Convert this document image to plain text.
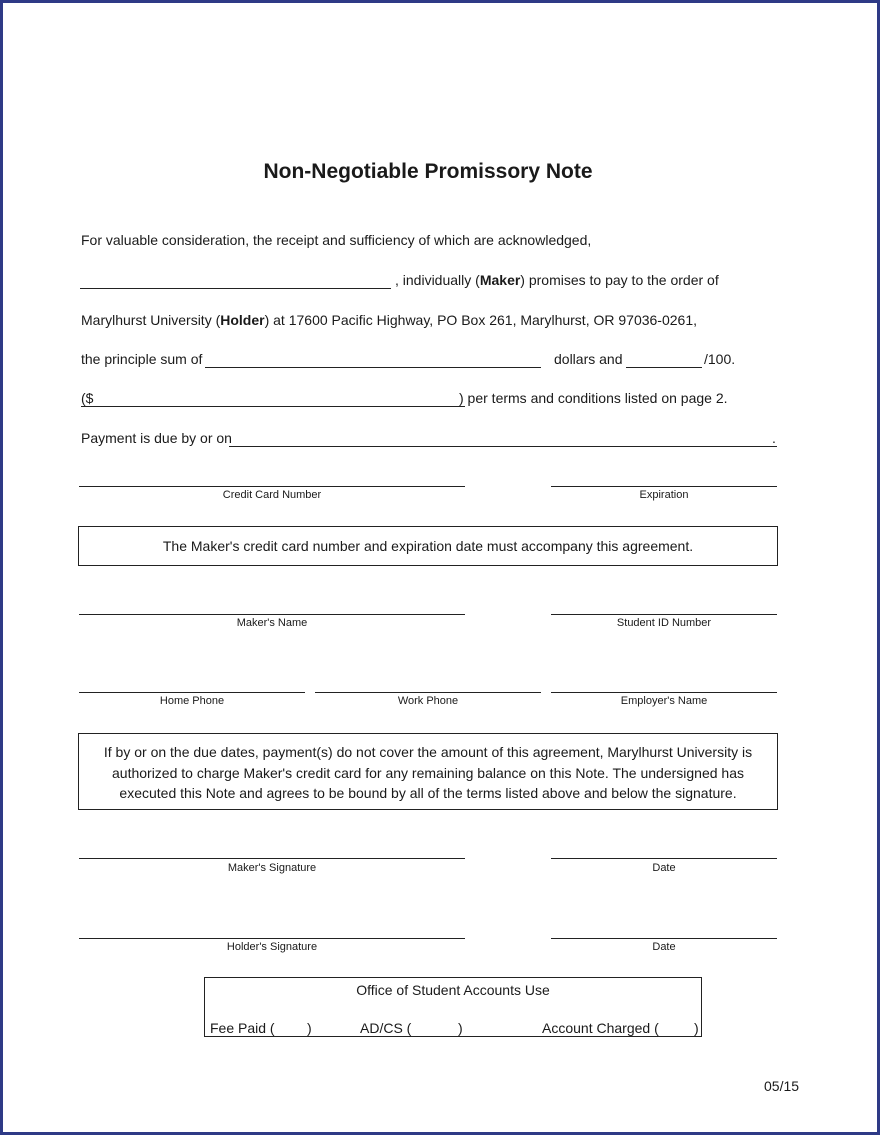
Non-Negotiable Promissory Note
For valuable consideration, the receipt and sufficiency of which are acknowledged,
, individually (Maker) promises to pay to the order of
Marylhurst University (Holder) at 17600 Pacific Highway, PO Box 261, Marylhurst, OR 97036-0261,
the principle sum of	dollars and	/100.
($	) per terms and conditions listed on page 2.
Payment is due by or on	.
Credit Card Number	Expiration
The Maker's credit card number and expiration date must accompany this agreement.
Maker's Name	Student ID Number
Home Phone	Work Phone	Employer's Name
If by or on the due dates, payment(s) do not cover the amount of this agreement, Marylhurst University is
authorized to charge Maker's credit card for any remaining balance on this Note. The undersigned has
executed this Note and agrees to be bound by all of the terms listed above and below the signature.
Maker's Signature	Date
Holder's Signature	Date
Office of Student Accounts Use
Fee Paid ( )	AD/CS (	)	Account Charged (	)
05/15
